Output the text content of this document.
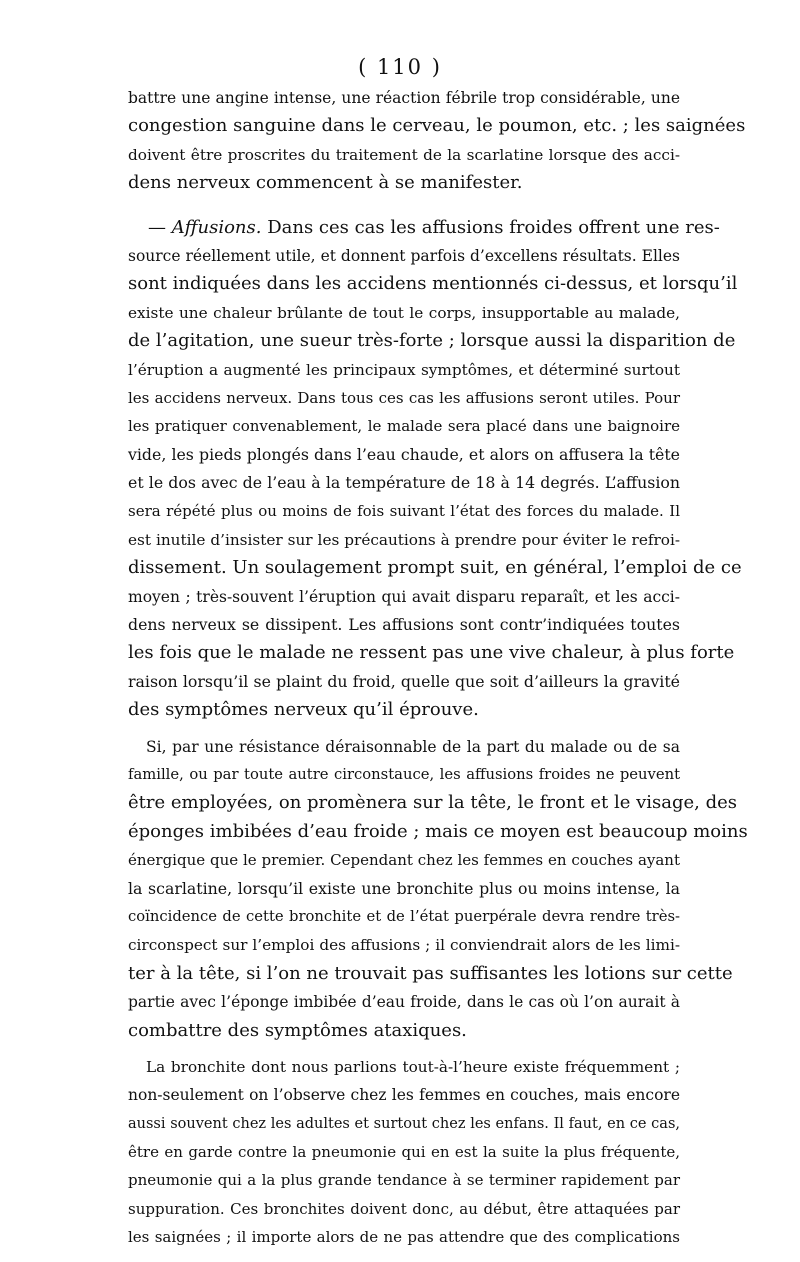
( 110 )
battre une angine intense, une réaction fébrile trop considérable, une
congestion sanguine dans le cerveau, le poumon, etc. ; les saignées
doivent être proscrites du traitement de la scarlatine lorsque des acci-
dens nerveux commencent à se manifester.
— Affusions. Dans ces cas les affusions froides offrent une res-
source réellement utile, et donnent parfois d’excellens résultats. Elles
sont indiquées dans les accidens mentionnés ci-dessus, et lorsqu’il
existe une chaleur brûlante de tout le corps, insupportable au malade,
de l’agitation, une sueur très-forte ; lorsque aussi la disparition de
l’éruption a augmenté les principaux symptômes, et déterminé surtout
les accidens nerveux. Dans tous ces cas les affusions seront utiles. Pour
les pratiquer convenablement, le malade sera placé dans une baignoire
vide, les pieds plongés dans l’eau chaude, et alors on affusera la tête
et le dos avec de l’eau à la température de 18 à 14 degrés. L’affusion
sera répété plus ou moins de fois suivant l’état des forces du malade. Il
est inutile d’insister sur les précautions à prendre pour éviter le refroi-
dissement. Un soulagement prompt suit, en général, l’emploi de ce
moyen ; très-souvent l’éruption qui avait disparu reparaît, et les acci-
dens nerveux se dissipent. Les affusions sont contr’indiquées toutes
les fois que le malade ne ressent pas une vive chaleur, à plus forte
raison lorsqu’il se plaint du froid, quelle que soit d’ailleurs la gravité
des symptômes nerveux qu’il éprouve.
Si, par une résistance déraisonnable de la part du malade ou de sa
famille, ou par toute autre circonstauce, les affusions froides ne peuvent
être employées, on promènera sur la tête, le front et le visage, des
éponges imbibées d’eau froide ; mais ce moyen est beaucoup moins
énergique que le premier. Cependant chez les femmes en couches ayant
la scarlatine, lorsqu’il existe une bronchite plus ou moins intense, la
coïncidence de cette bronchite et de l’état puerpérale devra rendre très-
circonspect sur l’emploi des affusions ; il conviendrait alors de les limi-
ter à la tête, si l’on ne trouvait pas suffisantes les lotions sur cette
partie avec l’éponge imbibée d’eau froide, dans le cas où l’on aurait à
combattre des symptômes ataxiques.
La bronchite dont nous parlions tout-à-l’heure existe fréquemment ;
non-seulement on l’observe chez les femmes en couches, mais encore
aussi souvent chez les adultes et surtout chez les enfans. Il faut, en ce cas,
être en garde contre la pneumonie qui en est la suite la plus fréquente,
pneumonie qui a la plus grande tendance à se terminer rapidement par
suppuration. Ces bronchites doivent donc, au début, être attaquées par
les saignées ; il importe alors de ne pas attendre que des complications
